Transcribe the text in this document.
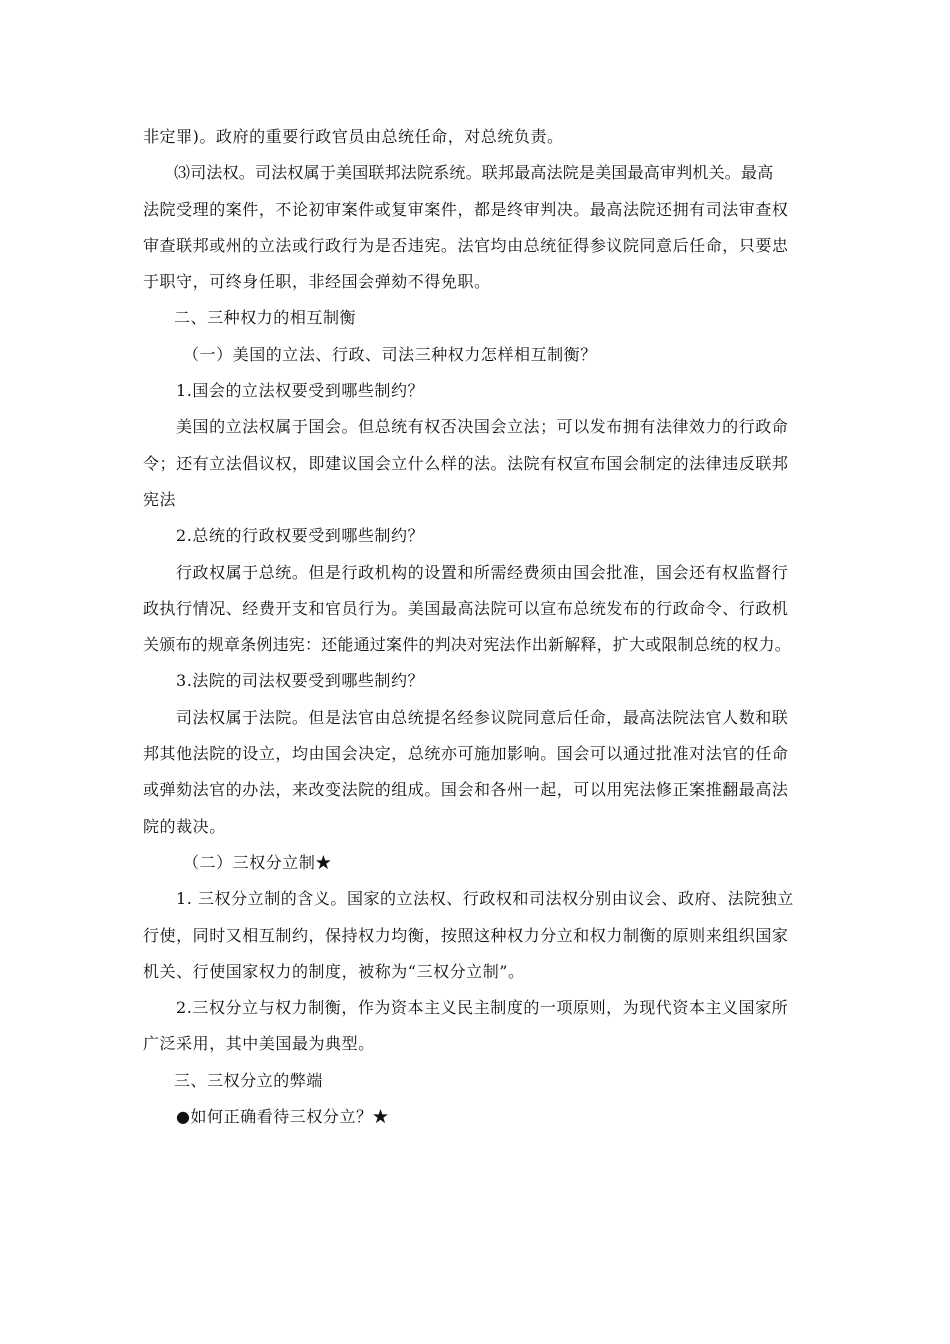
非定罪)。政府的重要行政官员由总统任命，对总统负责。
⑶司法权。司法权属于美国联邦法院系统。联邦最高法院是美国最高审判机关。最高
法院受理的案件，不论初审案件或复审案件，都是终审判决。最高法院还拥有司法审查权
审查联邦或州的立法或行政行为是否违宪。法官均由总统征得参议院同意后任命，只要忠
于职守，可终身任职，非经国会弹劾不得免职。
二、三种权力的相互制衡
（一）美国的立法、行政、司法三种权力怎样相互制衡？
1.国会的立法权要受到哪些制约？
美国的立法权属于国会。但总统有权否决国会立法；可以发布拥有法律效力的行政命
令；还有立法倡议权，即建议国会立什么样的法。法院有权宣布国会制定的法律违反联邦
宪法
2.总统的行政权要受到哪些制约？
行政权属于总统。但是行政机构的设置和所需经费须由国会批准，国会还有权监督行
政执行情况、经费开支和官员行为。美国最高法院可以宣布总统发布的行政命令、行政机
关颁布的规章条例违宪：还能通过案件的判决对宪法作出新解释，扩大或限制总统的权力。
3.法院的司法权要受到哪些制约？
司法权属于法院。但是法官由总统提名经参议院同意后任命，最高法院法官人数和联
邦其他法院的设立，均由国会决定，总统亦可施加影响。国会可以通过批准对法官的任命
或弹劾法官的办法，来改变法院的组成。国会和各州一起，可以用宪法修正案推翻最高法
院的裁决。
（二）三权分立制★
1. 三权分立制的含义。国家的立法权、行政权和司法权分别由议会、政府、法院独立
行使，同时又相互制约，保持权力均衡，按照这种权力分立和权力制衡的原则来组织国家
机关、行使国家权力的制度，被称为“三权分立制”。
2.三权分立与权力制衡，作为资本主义民主制度的一项原则，为现代资本主义国家所
广泛采用，其中美国最为典型。
三、三权分立的弊端
●如何正确看待三权分立？★
